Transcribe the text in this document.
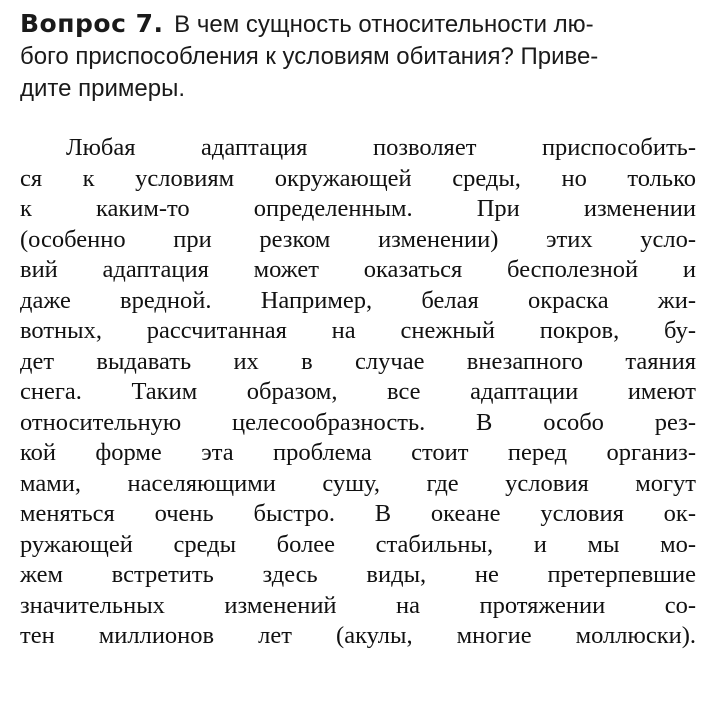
Вопрос 7. В чем сущность относительности лю-
бого приспособления к условиям обитания? Приве-
дите примеры.
Любая адаптация позволяет приспособить-
ся к условиям окружающей среды, но только
к каким-то определенным. При изменении
(особенно при резком изменении) этих усло-
вий адаптация может оказаться бесполезной и
даже вредной. Например, белая окраска жи-
вотных, рассчитанная на снежный покров, бу-
дет выдавать их в случае внезапного таяния
снега. Таким образом, все адаптации имеют
относительную целесообразность. В особо рез-
кой форме эта проблема стоит перед организ-
мами, населяющими сушу, где условия могут
меняться очень быстро. В океане условия ок-
ружающей среды более стабильны, и мы мо-
жем встретить здесь виды, не претерпевшие
значительных изменений на протяжении со-
тен миллионов лет (акулы, многие моллюски).
